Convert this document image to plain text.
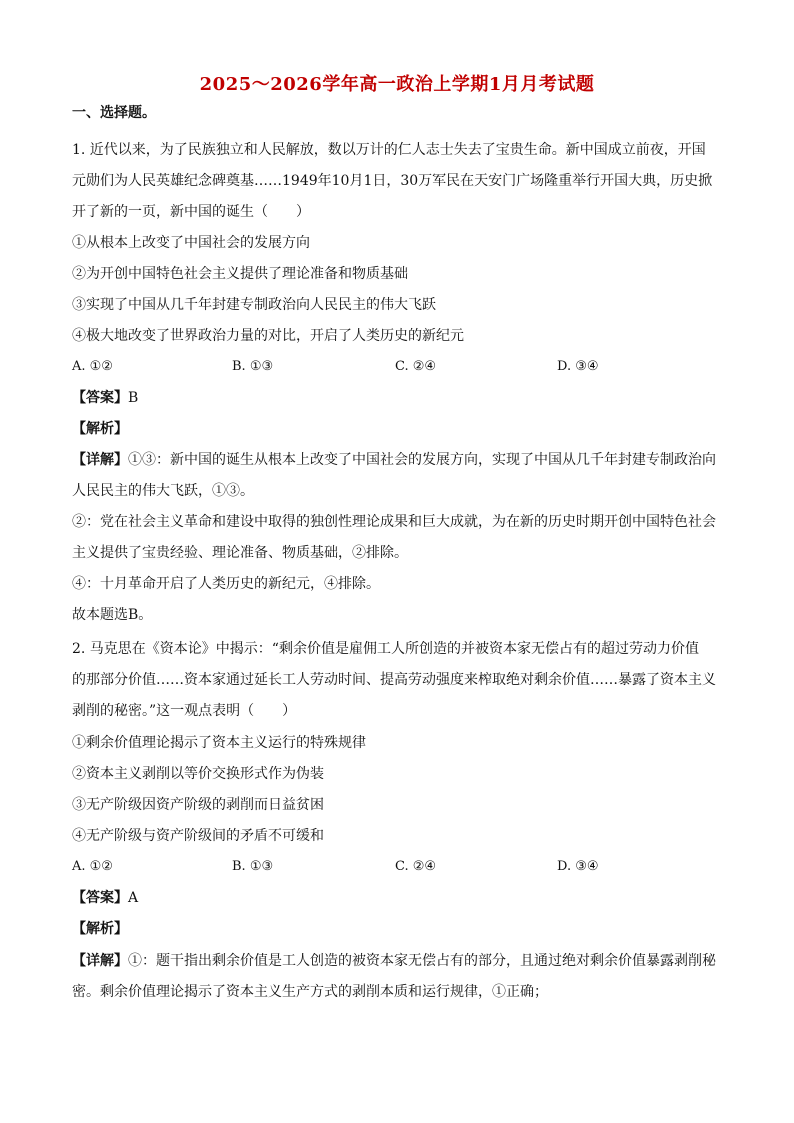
2025～2026学年高一政治上学期1月月考试题
一、选择题。
1. 近代以来，为了民族独立和人民解放，数以万计的仁人志士失去了宝贵生命。新中国成立前夜，开国
元勋们为人民英雄纪念碑奠基……1949年10月1日，30万军民在天安门广场隆重举行开国大典，历史掀
开了新的一页，新中国的诞生（　　）
①从根本上改变了中国社会的发展方向
②为开创中国特色社会主义提供了理论准备和物质基础
③实现了中国从几千年封建专制政治向人民民主的伟大飞跃
④极大地改变了世界政治力量的对比，开启了人类历史的新纪元
A. ①②	B. ①③	C. ②④	D. ③④
【答案】B
【解析】
【详解】①③：新中国的诞生从根本上改变了中国社会的发展方向，实现了中国从几千年封建专制政治向
人民民主的伟大飞跃，①③。
②：党在社会主义革命和建设中取得的独创性理论成果和巨大成就，为在新的历史时期开创中国特色社会
主义提供了宝贵经验、理论准备、物质基础，②排除。
④：十月革命开启了人类历史的新纪元，④排除。
故本题选B。
2. 马克思在《资本论》中揭示：“剩余价值是雇佣工人所创造的并被资本家无偿占有的超过劳动力价值
的那部分价值……资本家通过延长工人劳动时间、提高劳动强度来榨取绝对剩余价值……暴露了资本主义
剥削的秘密。”这一观点表明（　　）
①剩余价值理论揭示了资本主义运行的特殊规律
②资本主义剥削以等价交换形式作为伪装
③无产阶级因资产阶级的剥削而日益贫困
④无产阶级与资产阶级间的矛盾不可缓和
A. ①②	B. ①③	C. ②④	D. ③④
【答案】A
【解析】
【详解】①：题干指出剩余价值是工人创造的被资本家无偿占有的部分，且通过绝对剩余价值暴露剥削秘
密。剩余价值理论揭示了资本主义生产方式的剥削本质和运行规律，①正确；
